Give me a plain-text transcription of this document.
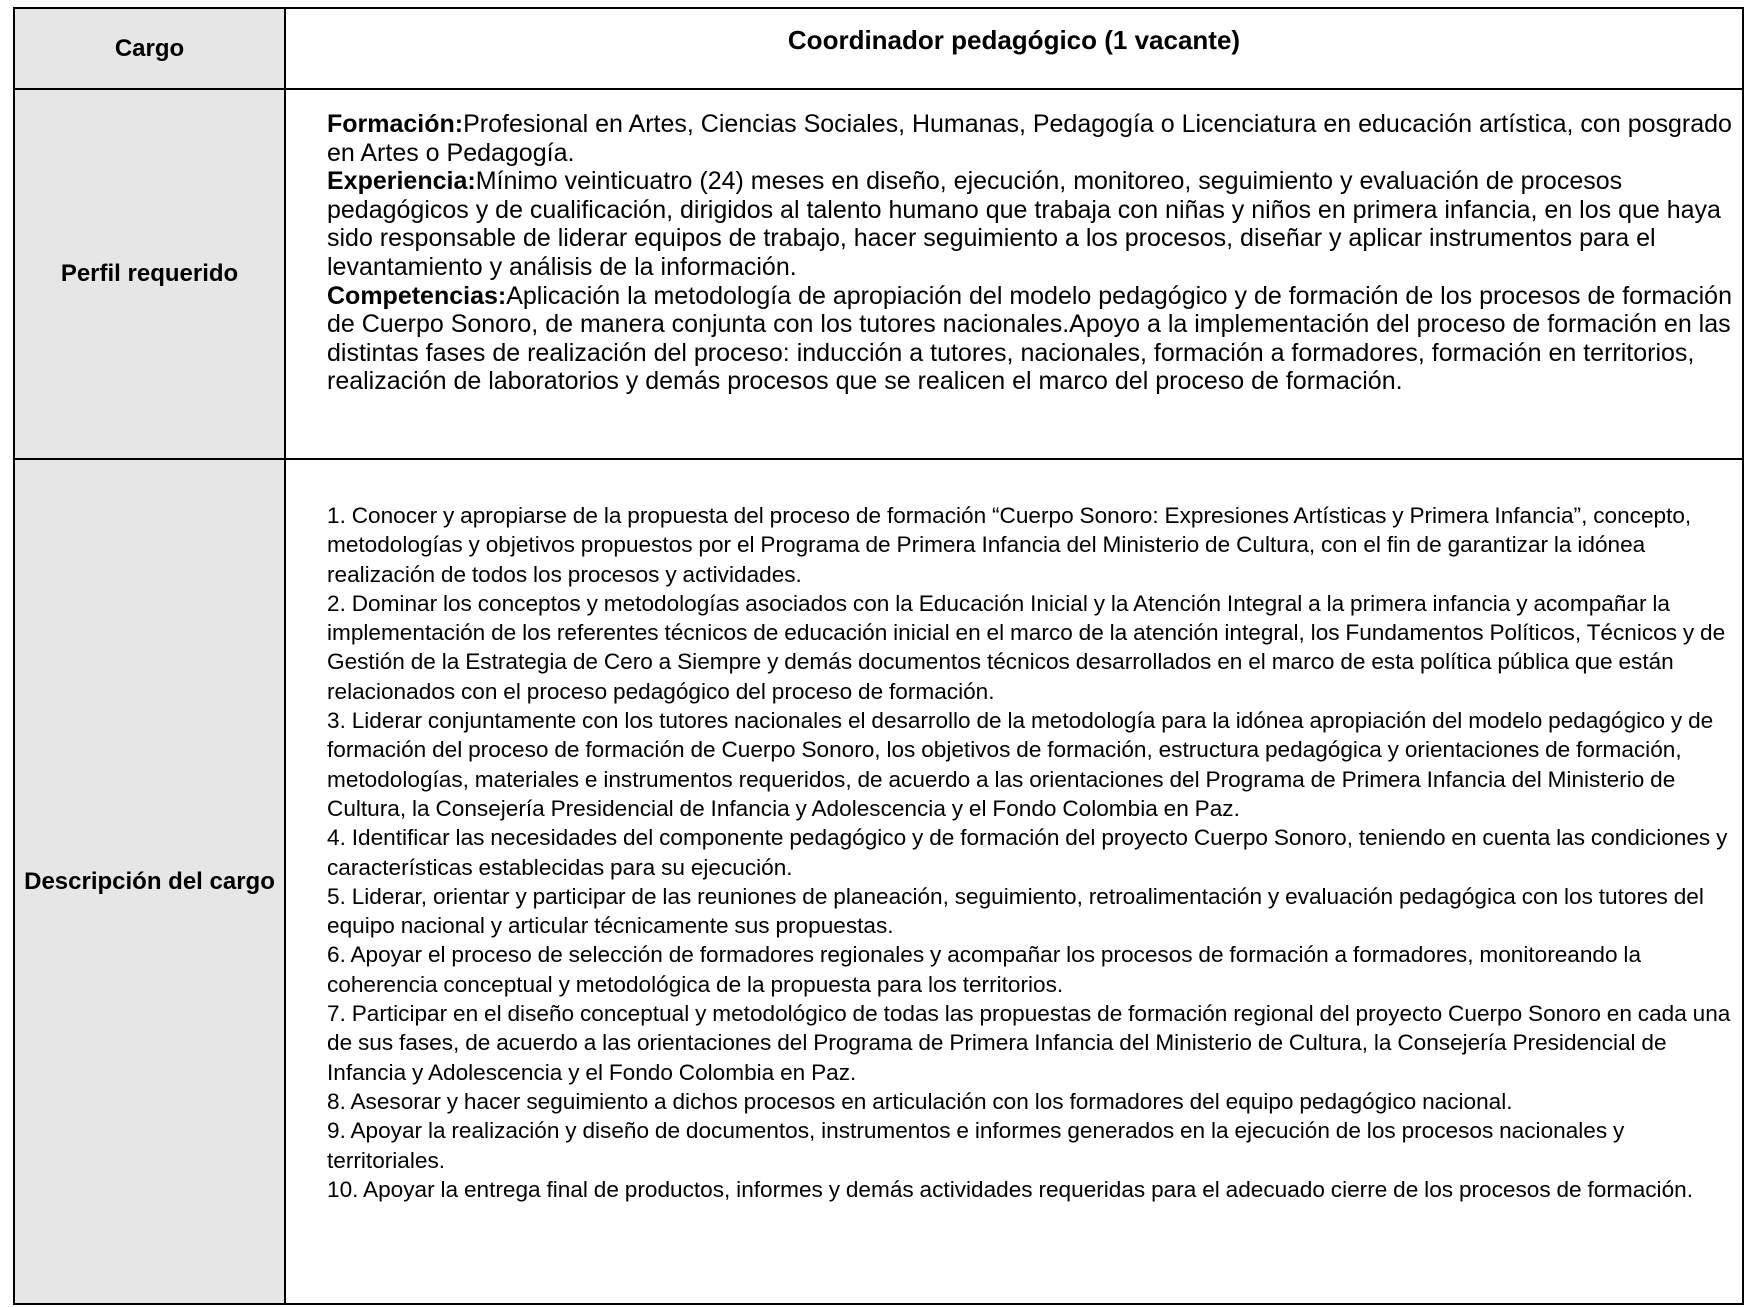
Cargo	Coordinador pedagógico (1 vacante)
Perfil requerido

Formación:Profesional en Artes, Ciencias Sociales, Humanas, Pedagogía o Licenciatura en educación artística, con posgrado en Artes o Pedagogía.

Experiencia:Mínimo veinticuatro (24) meses en diseño, ejecución, monitoreo, seguimiento y evaluación de procesos pedagógicos y de cualificación, dirigidos al talento humano que trabaja con niñas y niños en primera infancia, en los que haya sido responsable de liderar equipos de trabajo, hacer seguimiento a los procesos, diseñar y aplicar instrumentos para el levantamiento y análisis de la información.

Competencias:Aplicación la metodología de apropiación del modelo pedagógico y de formación de los procesos de formación de Cuerpo Sonoro, de manera conjunta con los tutores nacionales.Apoyo a la implementación del proceso de formación en las distintas fases de realización del proceso: inducción a tutores, nacionales, formación a formadores, formación en territorios, realización de laboratorios y demás procesos que se realicen el marco del proceso de formación.

Descripción del cargo

1. Conocer y apropiarse de la propuesta del proceso de formación “Cuerpo Sonoro: Expresiones Artísticas y Primera Infancia”, concepto, metodologías y objetivos propuestos por el Programa de Primera Infancia del Ministerio de Cultura, con el fin de garantizar la idónea realización de todos los procesos y actividades.

2. Dominar los conceptos y metodologías asociados con la Educación Inicial y la Atención Integral a la primera infancia y acompañar la implementación de los referentes técnicos de educación inicial en el marco de la atención integral, los Fundamentos Políticos, Técnicos y de Gestión de la Estrategia de Cero a Siempre y demás documentos técnicos desarrollados en el marco de esta política pública que están relacionados con el proceso pedagógico del proceso de formación.

3. Liderar conjuntamente con los tutores nacionales el desarrollo de la metodología para la idónea apropiación del modelo pedagógico y de formación del proceso de formación de Cuerpo Sonoro, los objetivos de formación, estructura pedagógica y orientaciones de formación, metodologías, materiales e instrumentos requeridos, de acuerdo a las orientaciones del Programa de Primera Infancia del Ministerio de Cultura, la Consejería Presidencial de Infancia y Adolescencia y el Fondo Colombia en Paz.

4. Identificar las necesidades del componente pedagógico y de formación del proyecto Cuerpo Sonoro, teniendo en cuenta las condiciones y características establecidas para su ejecución.

5. Liderar, orientar y participar de las reuniones de planeación, seguimiento, retroalimentación y evaluación pedagógica con los tutores del equipo nacional y articular técnicamente sus propuestas.

6. Apoyar el proceso de selección de formadores regionales y acompañar los procesos de formación a formadores, monitoreando la coherencia conceptual y metodológica de la propuesta para los territorios.

7. Participar en el diseño conceptual y metodológico de todas las propuestas de formación regional del proyecto Cuerpo Sonoro en cada una de sus fases, de acuerdo a las orientaciones del Programa de Primera Infancia del Ministerio de Cultura, la Consejería Presidencial de Infancia y Adolescencia y el Fondo Colombia en Paz.

8. Asesorar y hacer seguimiento a dichos procesos en articulación con los formadores del equipo pedagógico nacional.

9. Apoyar la realización y diseño de documentos, instrumentos e informes generados en la ejecución de los procesos nacionales y territoriales.

10. Apoyar la entrega final de productos, informes y demás actividades requeridas para el adecuado cierre de los procesos de formación.
